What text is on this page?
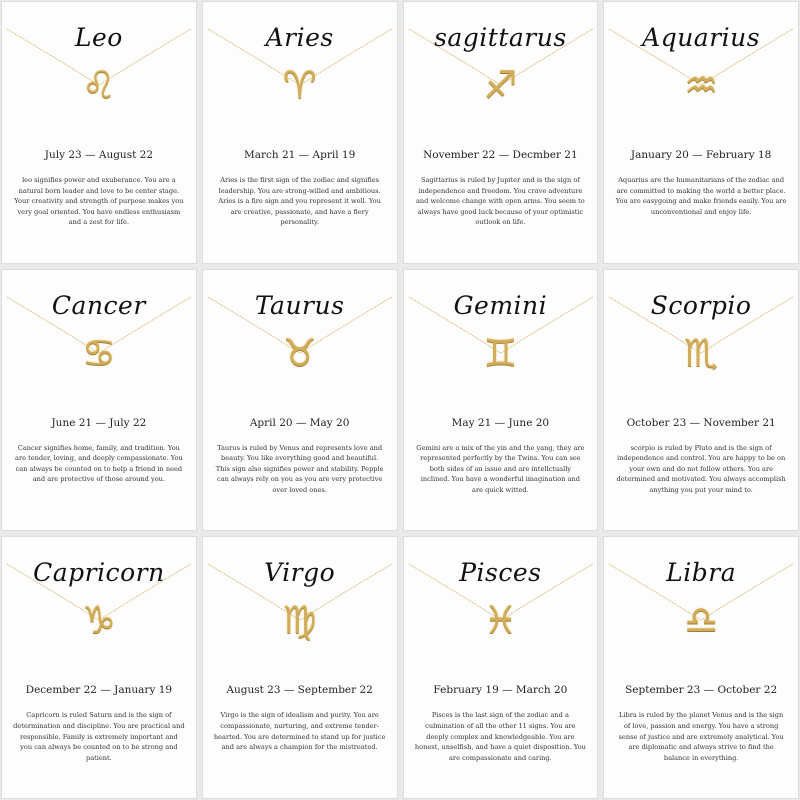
Leo
♌
July 23 — August 22
leo signifies power and exuberance. You are a natural born leader and love to be center stage. Your creativity and strength of purpose makes you very goal oriented. You have endless enthusiasm and a zest for life.
Aries
♈
March 21 — April 19
Aries is the first sign of the zodiac and signifies leadership. You are strong-willed and ambitious. Aries is a fire sign and you represent it well. You are creative, passionate, and have a fiery personality.
sagittarus
♐
November 22 — Decmber 21
Sagittarius is ruled by Jupiter and is the sign of independence and freedom. You crave adventure and welcome change with open arms. You seem to always have good luck because of your optimistic outlook on life.
Aquarius
♒
January 20 — February 18
Aquarius are the humanitarians of the zodiac and are committed to making the world a better place. You are easygoing and make friends easily. You are unconventional and enjoy life.
Cancer
♋
June 21 — July 22
Cancer signifies home, family, and tradition. You are tender, loving, and deeply compassionate. You can always be counted on to help a friend in need and are protective of those around you.
Taurus
♉
April 20 — May 20
Taurus is ruled by Venus and represents love and beauty. You like everything good and beautiful. This sign also signifies power and stability. Pepple can always rely on you as you are very protective over loved ones.
Gemini
♊
May 21 — June 20
Gemini are a mix of the yin and the yang, they are represented perfectly by the Twins. You can see both sides of an issue and are intellctually inclined. You have a wonderful imagination and are quick witted.
Scorpio
♏
October 23 — November 21
scorpio is ruled by Pluto and is the sign of independence and control. You are happy to be on your own and do not follow others. You are determined and motivated. You always accomplish anything you put your mind to.
Capricorn
♑
December 22 — January 19
Capricorn is ruled Saturn and is the sign of determination and discipline. You are practical and responsible. Family is extremely important and you can always be counted on to be strong and patient.
Virgo
♍
August 23 — September 22
Virgo is the sign of idealism and purity. You are compassionate, nurturing, and extreme tender-hearted. You are determined to stand up for justice and are always a champion for the mistreated.
Pisces
♓
February 19 — March 20
Pisces is the last sign of the zodiac and a culmination of all the other 11 signs. You are deeply complex and knowledgeable. You are honest, unselfish, and have a quiet disposition. You are compassionate and caring.
Libra
♎
September 23 — October 22
Libra is ruled by the planet Venus and is the sign of love, passion and energy. You have a strong sense of justice and are extremely analytical. You are diplomatic and always strive to find the balance in everything.
